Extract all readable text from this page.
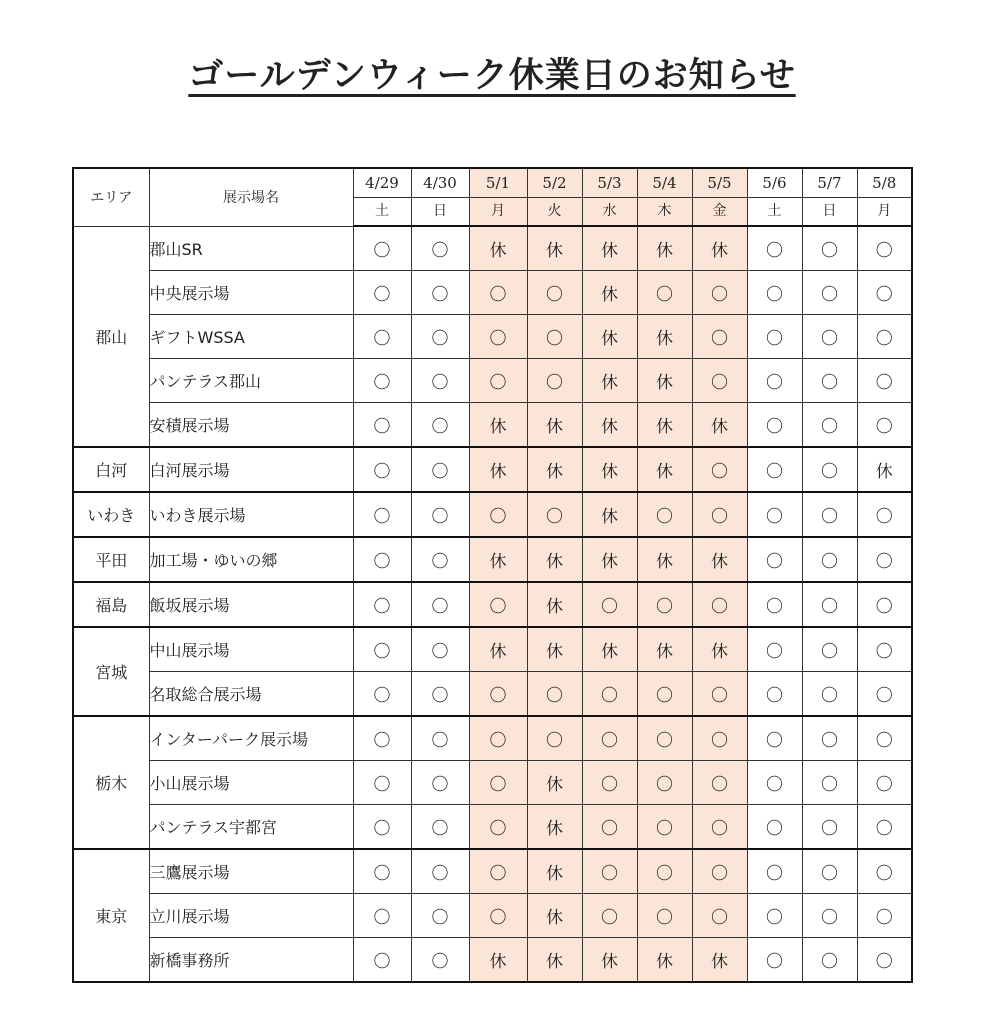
ゴールデンウィーク休業日のお知らせ
エリア	展示場名	4/29	4/30	5/1	5/2	5/3	5/4	5/5	5/6	5/7	5/8
		土	日	月	火	水	木	金	土	日	月
郡山	郡山SR	〇	〇	休	休	休	休	休	〇	〇	〇
	中央展示場	〇	〇	〇	〇	休	〇	〇	〇	〇	〇
	ギフトWSSA	〇	〇	〇	〇	休	休	〇	〇	〇	〇
	パンテラス郡山	〇	〇	〇	〇	休	休	〇	〇	〇	〇
	安積展示場	〇	〇	休	休	休	休	休	〇	〇	〇
白河	白河展示場	〇	〇	休	休	休	休	〇	〇	〇	休
いわき	いわき展示場	〇	〇	〇	〇	休	〇	〇	〇	〇	〇
平田	加工場・ゆいの郷	〇	〇	休	休	休	休	休	〇	〇	〇
福島	飯坂展示場	〇	〇	〇	休	〇	〇	〇	〇	〇	〇
宮城	中山展示場	〇	〇	休	休	休	休	休	〇	〇	〇
	名取総合展示場	〇	〇	〇	〇	〇	〇	〇	〇	〇	〇
栃木	インターパーク展示場	〇	〇	〇	〇	〇	〇	〇	〇	〇	〇
	小山展示場	〇	〇	〇	休	〇	〇	〇	〇	〇	〇
	パンテラス宇都宮	〇	〇	〇	休	〇	〇	〇	〇	〇	〇
東京	三鷹展示場	〇	〇	〇	休	〇	〇	〇	〇	〇	〇
	立川展示場	〇	〇	〇	休	〇	〇	〇	〇	〇	〇
	新橋事務所	〇	〇	休	休	休	休	休	〇	〇	〇
